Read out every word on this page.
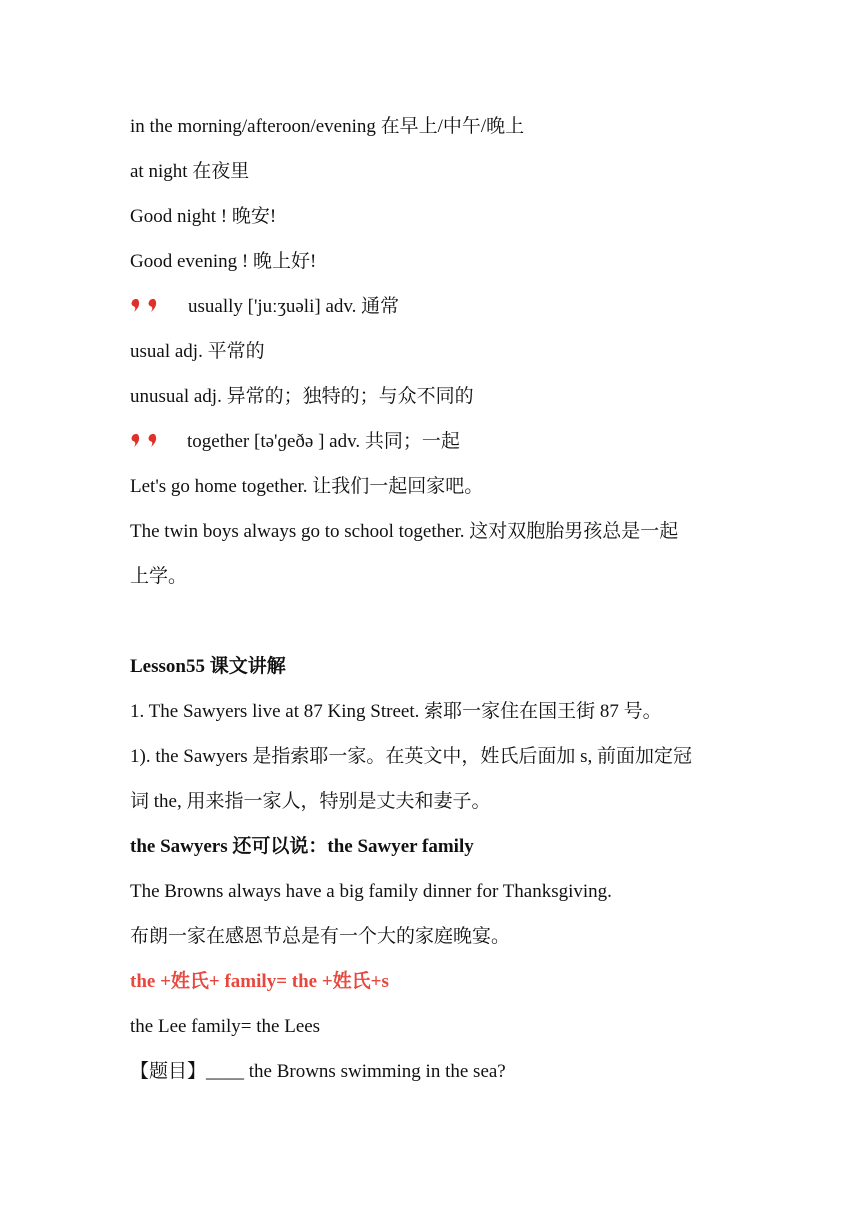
in the morning/afteroon/evening 在早上/中午/晚上
at night 在夜里
Good night ! 晚安!
Good evening ! 晚上好!
usually ['juːʒuəli] adv. 通常
usual adj. 平常的
unusual adj. 异常的；独特的；与众不同的
together [tə'ɡeðə ] adv. 共同；一起
Let's go home together. 让我们一起回家吧。
The twin boys always go to school together. 这对双胞胎男孩总是一起
上学。
Lesson55 课文讲解
1. The Sawyers live at 87 King Street. 索耶一家住在国王街 87 号。
1). the Sawyers 是指索耶一家。在英文中，姓氏后面加 s, 前面加定冠
词 the, 用来指一家人，特别是丈夫和妻子。
the Sawyers 还可以说：the Sawyer family
The Browns always have a big family dinner for Thanksgiving.
布朗一家在感恩节总是有一个大的家庭晚宴。
the +姓氏+ family= the +姓氏+s
the Lee family= the Lees
【题目】____ the Browns swimming in the sea?
